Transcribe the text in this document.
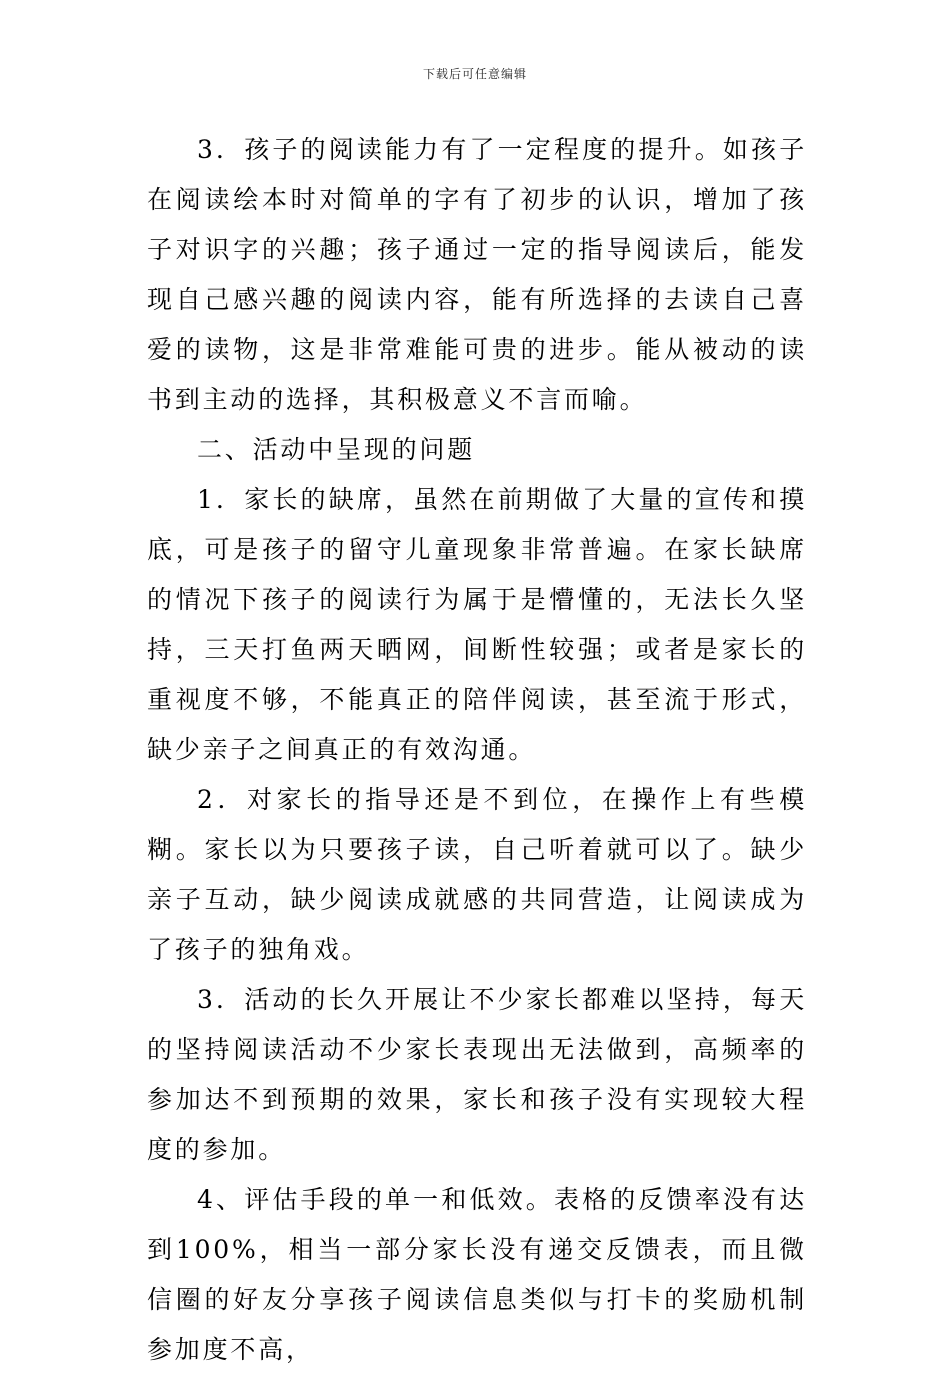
下载后可任意编辑

3．孩子的阅读能力有了一定程度的提升。如孩子在阅读绘本时对简单的字有了初步的认识，增加了孩子对识字的兴趣；孩子通过一定的指导阅读后，能发现自己感兴趣的阅读内容，能有所选择的去读自己喜爱的读物，这是非常难能可贵的进步。能从被动的读书到主动的选择，其积极意义不言而喻。

二、活动中呈现的问题

1．家长的缺席，虽然在前期做了大量的宣传和摸底，可是孩子的留守儿童现象非常普遍。在家长缺席的情况下孩子的阅读行为属于是懵懂的，无法长久坚持，三天打鱼两天晒网，间断性较强；或者是家长的重视度不够，不能真正的陪伴阅读，甚至流于形式，缺少亲子之间真正的有效沟通。

2．对家长的指导还是不到位，在操作上有些模糊。家长以为只要孩子读，自己听着就可以了。缺少亲子互动，缺少阅读成就感的共同营造，让阅读成为了孩子的独角戏。

3．活动的长久开展让不少家长都难以坚持，每天的坚持阅读活动不少家长表现出无法做到，高频率的参加达不到预期的效果，家长和孩子没有实现较大程度的参加。

4、评估手段的单一和低效。表格的反馈率没有达到100%，相当一部分家长没有递交反馈表，而且微信圈的好友分享孩子阅读信息类似与打卡的奖励机制参加度不高，
